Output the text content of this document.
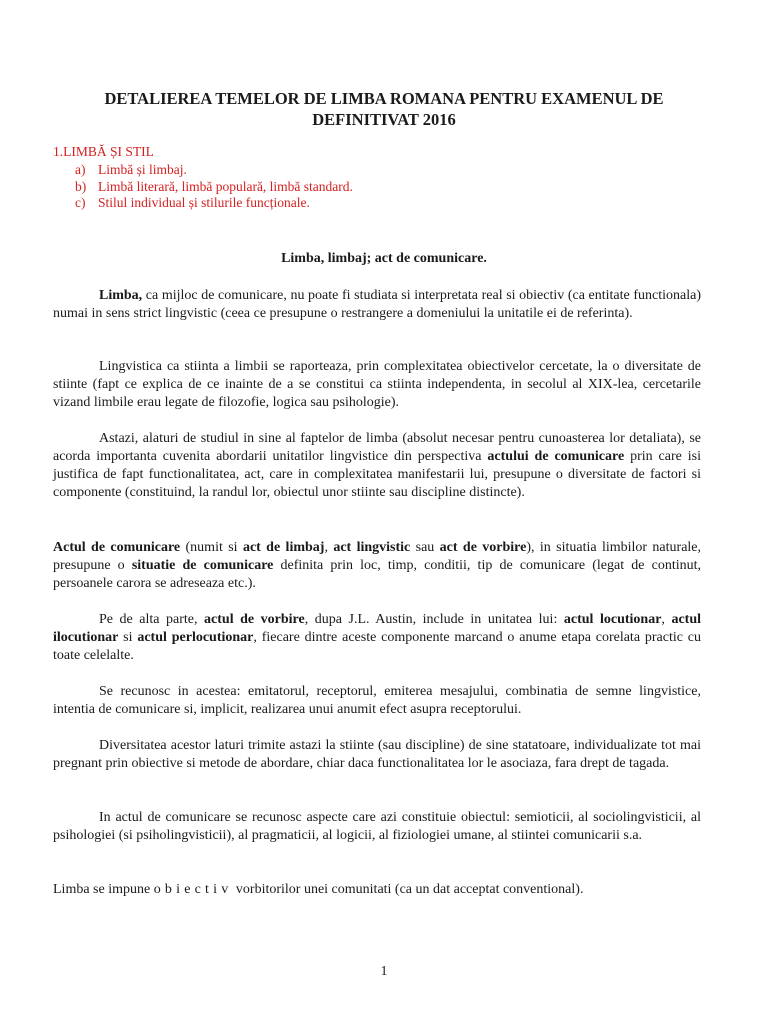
DETALIEREA TEMELOR DE LIMBA ROMANA PENTRU EXAMENUL DE
DEFINITIVAT 2016
1.LIMBĂ ȘI STIL
a) Limbă și limbaj.
b) Limbă literară, limbă populară, limbă standard.
c) Stilul individual și stilurile funcționale.
Limba, limbaj; act de comunicare.

Limba, ca mijloc de comunicare, nu poate fi studiata si interpretata real si obiectiv (ca entitate functionala) numai in sens strict lingvistic (ceea ce presupune o restrangere a domeniului la unitatile ei de referinta).

Lingvistica ca stiinta a limbii se raporteaza, prin complexitatea obiectivelor cercetate, la o diversitate de stiinte (fapt ce explica de ce inainte de a se constitui ca stiinta independenta, in secolul al XIX-lea, cercetarile vizand limbile erau legate de filozofie, logica sau psihologie).

Astazi, alaturi de studiul in sine al faptelor de limba (absolut necesar pentru cunoasterea lor detaliata), se acorda importanta cuvenita abordarii unitatilor lingvistice din perspectiva actului de comunicare prin care isi justifica de fapt functionalitatea, act, care in complexitatea manifestarii lui, presupune o diversitate de factori si componente (constituind, la randul lor, obiectul unor stiinte sau discipline distincte).

Actul de comunicare (numit si act de limbaj, act lingvistic sau act de vorbire), in situatia limbilor naturale, presupune o situatie de comunicare definita prin loc, timp, conditii, tip de comunicare (legat de continut, persoanele carora se adreseaza etc.).

Pe de alta parte, actul de vorbire, dupa J.L. Austin, include in unitatea lui: actul locutionar, actul ilocutionar si actul perlocutionar, fiecare dintre aceste componente marcand o anume etapa corelata practic cu toate celelalte.

Se recunosc in acestea: emitatorul, receptorul, emiterea mesajului, combinatia de semne lingvistice, intentia de comunicare si, implicit, realizarea unui anumit efect asupra receptorului.

Diversitatea acestor laturi trimite astazi la stiinte (sau discipline) de sine statatoare, individualizate tot mai pregnant prin obiective si metode de abordare, chiar daca functionalitatea lor le asociaza, fara drept de tagada.

In actul de comunicare se recunosc aspecte care azi constituie obiectul: semioticii, al sociolingvisticii, al psihologiei (si psiholingvisticii), al pragmaticii, al logicii, al fiziologiei umane, al stiintei comunicarii s.a.

Limba se impune obiectiv vorbitorilor unei comunitati (ca un dat acceptat conventional).

1
